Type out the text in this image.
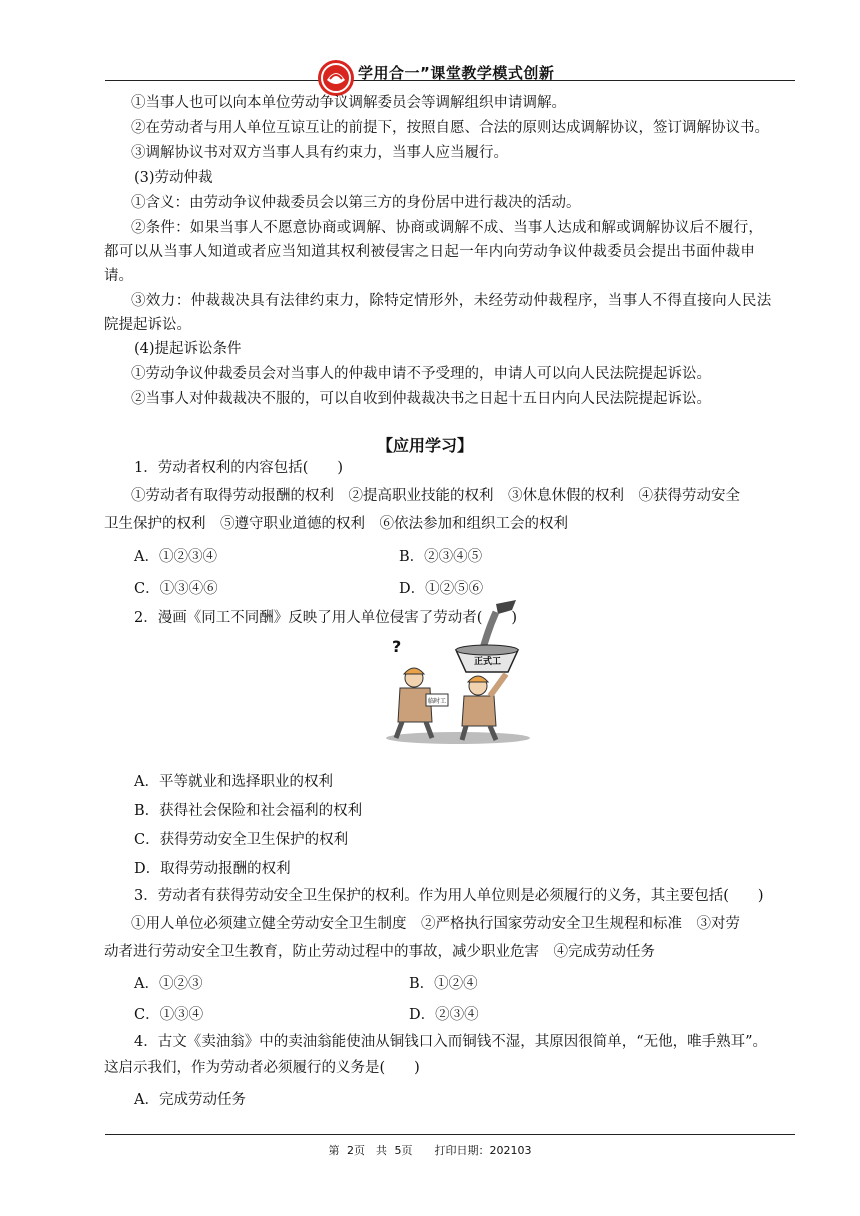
学用合一”课堂教学模式创新
①当事人也可以向本单位劳动争议调解委员会等调解组织申请调解。
②在劳动者与用人单位互谅互让的前提下，按照自愿、合法的原则达成调解协议，签订调解协议书。
③调解协议书对双方当事人具有约束力，当事人应当履行。
(3)劳动仲裁
①含义：由劳动争议仲裁委员会以第三方的身份居中进行裁决的活动。
②条件：如果当事人不愿意协商或调解、协商或调解不成、当事人达成和解或调解协议后不履行，
都可以从当事人知道或者应当知道其权利被侵害之日起一年内向劳动争议仲裁委员会提出书面仲裁申
请。
③效力：仲裁裁决具有法律约束力，除特定情形外，未经劳动仲裁程序，当事人不得直接向人民法
院提起诉讼。
(4)提起诉讼条件
①劳动争议仲裁委员会对当事人的仲裁申请不予受理的，申请人可以向人民法院提起诉讼。
②当事人对仲裁裁决不服的，可以自收到仲裁裁决书之日起十五日内向人民法院提起诉讼。
【应用学习】
1．劳动者权利的内容包括(　　)
①劳动者有取得劳动报酬的权利　②提高职业技能的权利　③休息休假的权利　④获得劳动安全
卫生保护的权利　⑤遵守职业道德的权利　⑥依法参加和组织工会的权利
A．①②③④	B．②③④⑤
C．①③④⑥	D．①②⑤⑥
2．漫画《同工不同酬》反映了用人单位侵害了劳动者(　　)
正式工
?
临时工
A．平等就业和选择职业的权利
B．获得社会保险和社会福利的权利
C．获得劳动安全卫生保护的权利
D．取得劳动报酬的权利
3．劳动者有获得劳动安全卫生保护的权利。作为用人单位则是必须履行的义务，其主要包括(　　)
①用人单位必须建立健全劳动安全卫生制度　②严格执行国家劳动安全卫生规程和标准　③对劳
动者进行劳动安全卫生教育，防止劳动过程中的事故，减少职业危害　④完成劳动任务
A．①②③	B．①②④
C．①③④	D．②③④
4．古文《卖油翁》中的卖油翁能使油从铜钱口入而铜钱不湿，其原因很简单，“无他，唯手熟耳”。
这启示我们，作为劳动者必须履行的义务是(　　)
A．完成劳动任务
第 2页　共 5页　　打印日期：202103
